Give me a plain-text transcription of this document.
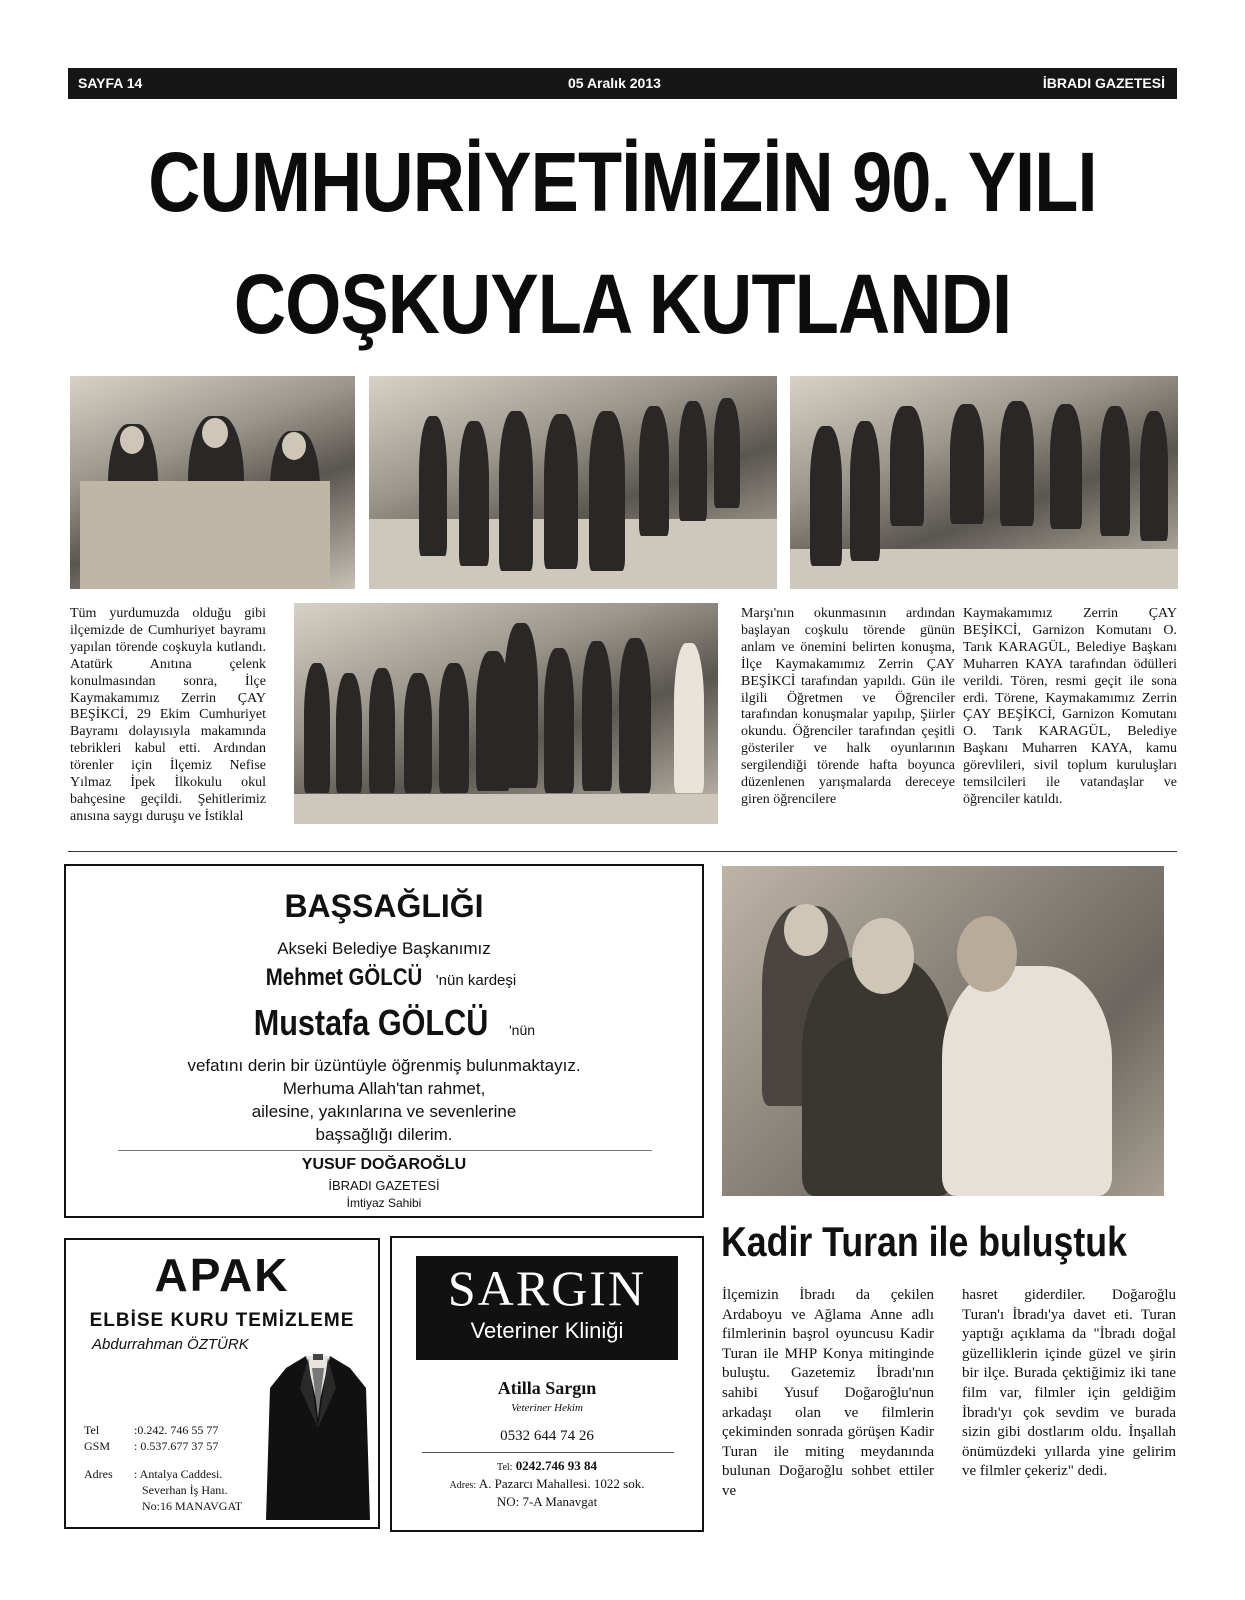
SAYFA 14	05 Aralık 2013	İBRADI GAZETESİ
CUMHURİYETİMİZİN 90. YILI
COŞKUYLA KUTLANDI

Tüm yurdumuzda olduğu gibi ilçemizde de Cumhuriyet bayramı yapılan törende coşkuyla kutlandı. Atatürk Anıtına çelenk konulmasından sonra, İlçe Kaymakamımız Zerrin ÇAY BEŞİKCİ, 29 Ekim Cumhuriyet Bayramı dolayısıyla makamında tebrikleri kabul etti. Ardından törenler için İlçemiz Nefise Yılmaz İpek İlkokulu okul bahçesine geçildi. Şehitlerimiz anısına saygı duruşu ve İstiklal

Marşı'nın okunmasının ardından başlayan coşkulu törende günün anlam ve önemini belirten konuşma, İlçe Kaymakamımız Zerrin ÇAY BEŞİKCİ tarafından yapıldı. Gün ile ilgili Öğretmen ve Öğrenciler tarafından konuşmalar yapılıp, Şiirler okundu. Öğrenciler tarafından çeşitli gösteriler ve halk oyunlarının sergilendiği törende hafta boyunca düzenlenen yarışmalarda dereceye giren öğrencilere

Kaymakamımız Zerrin ÇAY BEŞİKCİ, Garnizon Komutanı O. Tarık KARAGÜL, Belediye Başkanı Muharren KAYA tarafından ödülleri verildi. Tören, resmi geçit ile sona erdi. Törene, Kaymakamımız Zerrin ÇAY BEŞİKCİ, Garnizon Komutanı O. Tarık KARAGÜL, Belediye Başkanı Muharren KAYA, kamu görevlileri, sivil toplum kuruluşları temsilcileri ile vatandaşlar ve öğrenciler katıldı.

BAŞSAĞLIĞI
Akseki Belediye Başkanımız
Mehmet GÖLCÜ 'nün kardeşi
Mustafa GÖLCÜ 'nün
vefatını derin bir üzüntüyle öğrenmiş bulunmaktayız.
Merhuma Allah'tan rahmet,
ailesine, yakınlarına ve sevenlerine
başsağlığı dilerim.
YUSUF DOĞAROĞLU
İBRADI GAZETESİ
İmtiyaz Sahibi
APAK
ELBİSE KURU TEMİZLEME
Abdurrahman ÖZTÜRK
Tel	:0.242. 746 55 77
GSM : 0.537.677 37 57
Adres : Antalya Caddesi.
Severhan İş Hanı.
No:16 MANAVGAT
SARGIN
Veteriner Kliniği
Atilla Sargın
Veteriner Hekim
0532 644 74 26
Tel: 0242.746 93 84
Adres: A. Pazarcı Mahallesi. 1022 sok.
NO: 7-A Manavgat
Kadir Turan ile buluştuk

İlçemizin İbradı da çekilen Ardaboyu ve Ağlama Anne adlı filmlerinin başrol oyuncusu Kadir Turan ile MHP Konya mitinginde buluştu. Gazetemiz İbradı'nın sahibi Yusuf Doğaroğlu'nun arkadaşı olan ve filmlerin çekiminden sonrada görüşen Kadir Turan ile miting meydanında bulunan Doğaroğlu sohbet ettiler ve

hasret giderdiler. Doğaroğlu Turan'ı İbradı'ya davet eti. Turan yaptığı açıklama da "İbradı doğal güzelliklerin içinde güzel ve şirin bir ilçe. Burada çektiğimiz iki tane film var, filmler için geldiğim İbradı'yı çok sevdim ve burada sizin gibi dostlarım oldu. İnşallah önümüzdeki yıllarda yine gelirim ve filmler çekeriz" dedi.
